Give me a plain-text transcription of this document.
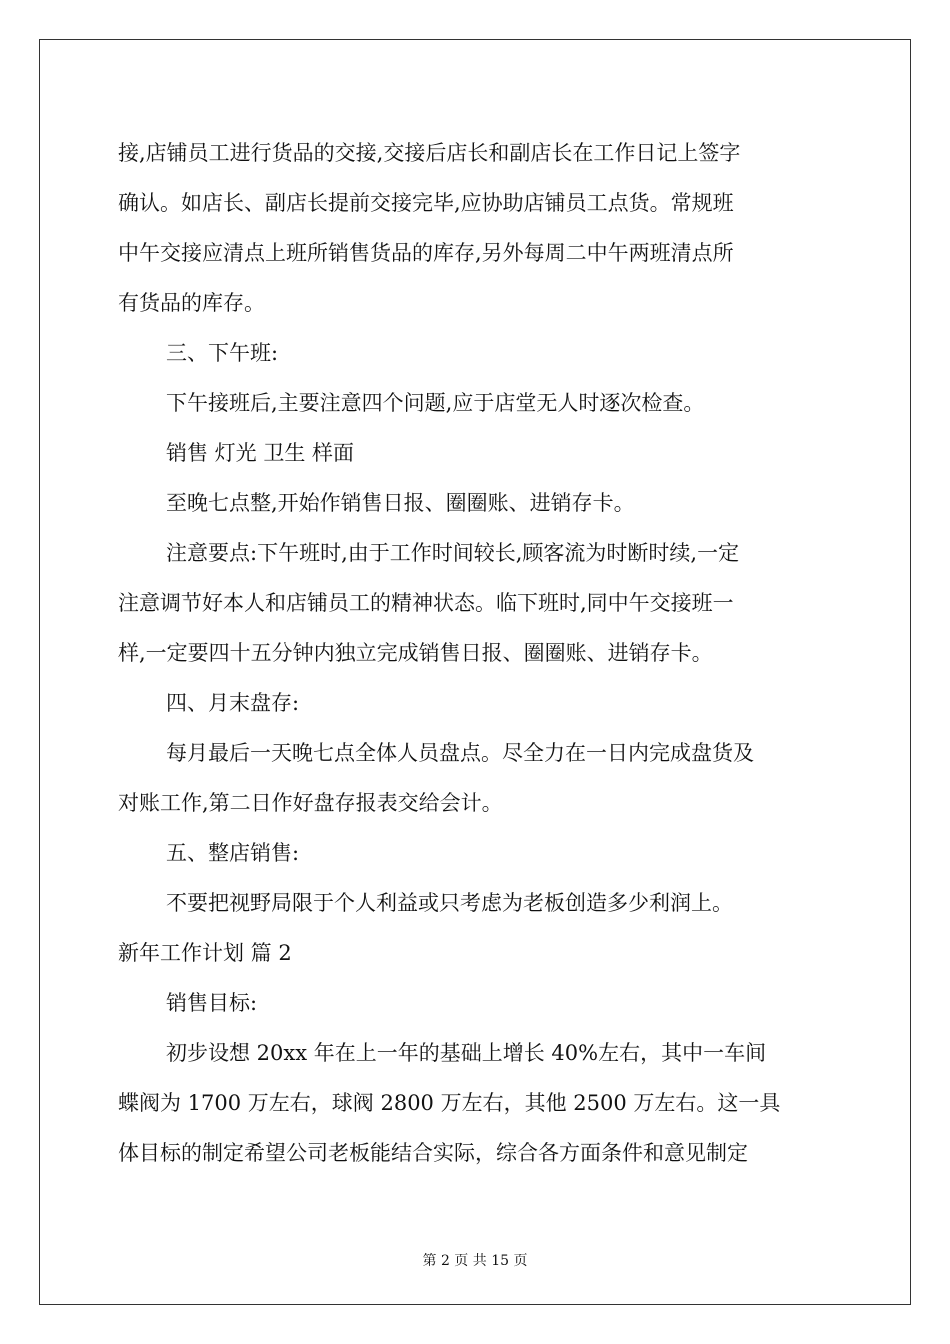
接,店铺员工进行货品的交接,交接后店长和副店长在工作日记上签字

确认。如店长、副店长提前交接完毕,应协助店铺员工点货。常规班

中午交接应清点上班所销售货品的库存,另外每周二中午两班清点所

有货品的库存。

三、下午班:

下午接班后,主要注意四个问题,应于店堂无人时逐次检查。

销售 灯光 卫生 样面

至晚七点整,开始作销售日报、圈圈账、进销存卡。

注意要点:下午班时,由于工作时间较长,顾客流为时断时续,一定

注意调节好本人和店铺员工的精神状态。临下班时,同中午交接班一

样,一定要四十五分钟内独立完成销售日报、圈圈账、进销存卡。

四、月末盘存:

每月最后一天晚七点全体人员盘点。尽全力在一日内完成盘货及

对账工作,第二日作好盘存报表交给会计。

五、整店销售:

不要把视野局限于个人利益或只考虑为老板创造多少利润上。

新年工作计划 篇 2

销售目标:

初步设想 20xx 年在上一年的基础上增长 40%左右，其中一车间

蝶阀为 1700 万左右，球阀 2800 万左右，其他 2500 万左右。这一具

体目标的制定希望公司老板能结合实际，综合各方面条件和意见制定

第 2 页 共 15 页
